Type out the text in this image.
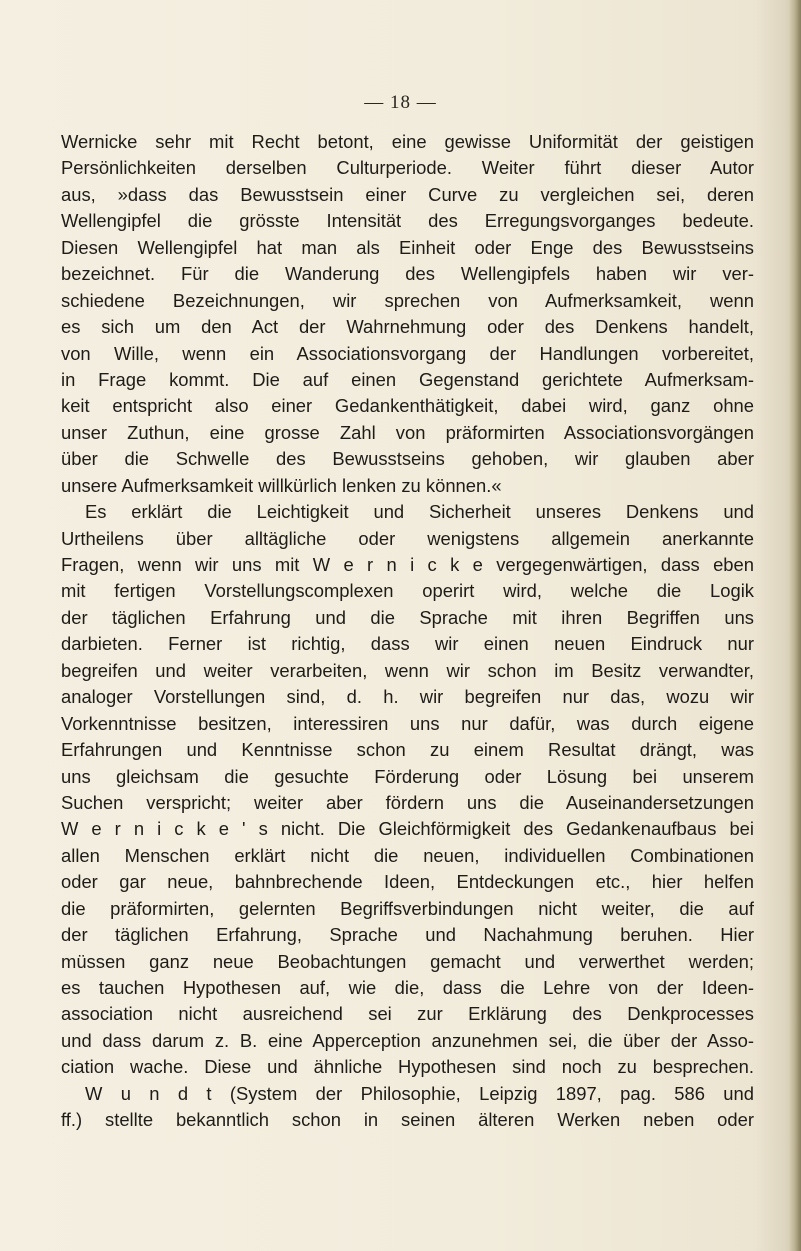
— 18 —
Wernicke sehr mit Recht betont, eine gewisse Uniformität der geistigen
Persönlichkeiten derselben Culturperiode. Weiter führt dieser Autor
aus, »dass das Bewusstsein einer Curve zu vergleichen sei, deren
Wellengipfel die grösste Intensität des Erregungsvorganges bedeute.
Diesen Wellengipfel hat man als Einheit oder Enge des Bewusstseins
bezeichnet. Für die Wanderung des Wellengipfels haben wir ver-
schiedene Bezeichnungen, wir sprechen von Aufmerksamkeit, wenn
es sich um den Act der Wahrnehmung oder des Denkens handelt,
von Wille, wenn ein Associationsvorgang der Handlungen vorbereitet,
in Frage kommt. Die auf einen Gegenstand gerichtete Aufmerksam-
keit entspricht also einer Gedankenthätigkeit, dabei wird, ganz ohne
unser Zuthun, eine grosse Zahl von präformirten Associationsvorgängen
über die Schwelle des Bewusstseins gehoben, wir glauben aber
unsere Aufmerksamkeit willkürlich lenken zu können.«
Es erklärt die Leichtigkeit und Sicherheit unseres Denkens und
Urtheilens über alltägliche oder wenigstens allgemein anerkannte
Fragen, wenn wir uns mit W e r n i c k e vergegenwärtigen, dass eben
mit fertigen Vorstellungscomplexen operirt wird, welche die Logik
der täglichen Erfahrung und die Sprache mit ihren Begriffen uns
darbieten. Ferner ist richtig, dass wir einen neuen Eindruck nur
begreifen und weiter verarbeiten, wenn wir schon im Besitz verwandter,
analoger Vorstellungen sind, d. h. wir begreifen nur das, wozu wir
Vorkenntnisse besitzen, interessiren uns nur dafür, was durch eigene
Erfahrungen und Kenntnisse schon zu einem Resultat drängt, was
uns gleichsam die gesuchte Förderung oder Lösung bei unserem
Suchen verspricht; weiter aber fördern uns die Auseinandersetzungen
W e r n i c k e ' s nicht. Die Gleichförmigkeit des Gedankenaufbaus bei
allen Menschen erklärt nicht die neuen, individuellen Combinationen
oder gar neue, bahnbrechende Ideen, Entdeckungen etc., hier helfen
die präformirten, gelernten Begriffsverbindungen nicht weiter, die auf
der täglichen Erfahrung, Sprache und Nachahmung beruhen. Hier
müssen ganz neue Beobachtungen gemacht und verwerthet werden;
es tauchen Hypothesen auf, wie die, dass die Lehre von der Ideen-
association nicht ausreichend sei zur Erklärung des Denkprocesses
und dass darum z. B. eine Apperception anzunehmen sei, die über der Asso-
ciation wache. Diese und ähnliche Hypothesen sind noch zu besprechen.
W u n d t (System der Philosophie, Leipzig 1897, pag. 586 und
ff.) stellte bekanntlich schon in seinen älteren Werken neben oder
